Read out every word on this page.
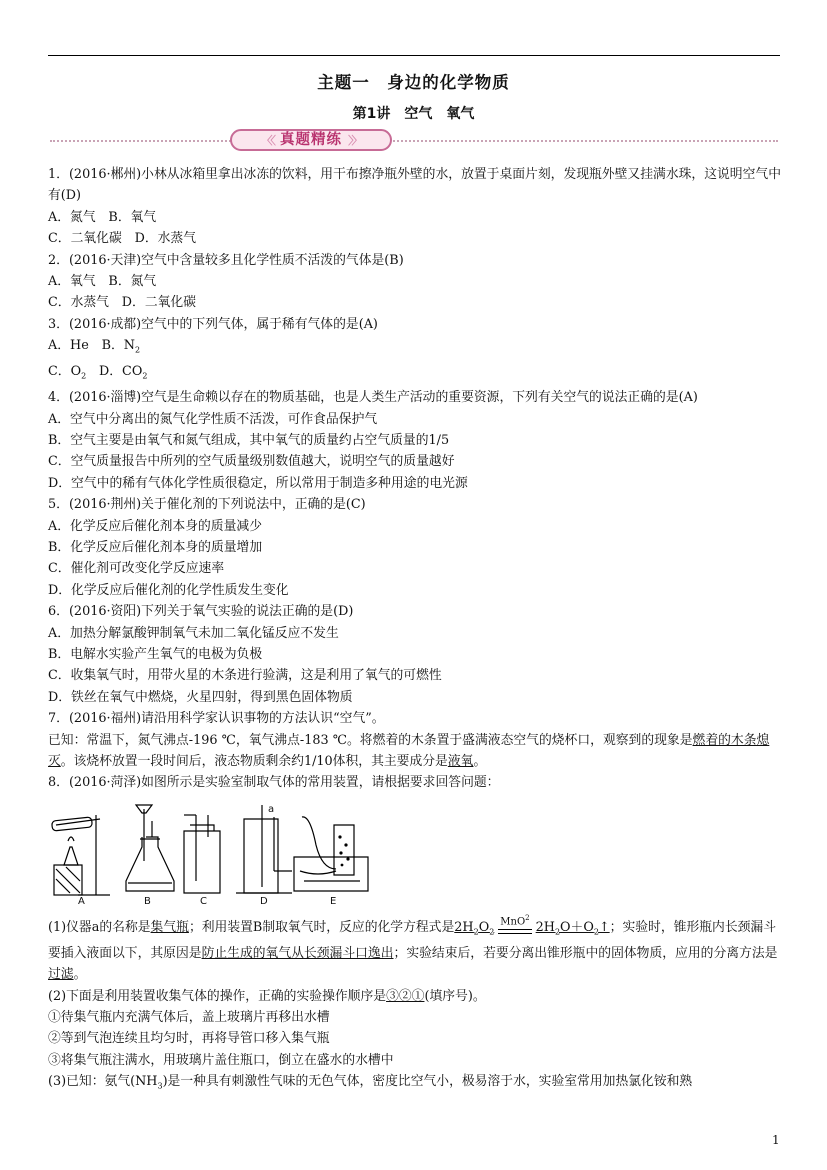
主题一　身边的化学物质
第1讲　空气　氧气
〈〈 真题精练 〉〉

1．(2016·郴州)小林从冰箱里拿出冰冻的饮料，用干布擦净瓶外壁的水，放置于桌面片刻，发现瓶外壁又挂满水珠，这说明空气中有(D)

A．氮气　B．氧气

C．二氧化碳　D．水蒸气

2．(2016·天津)空气中含量较多且化学性质不活泼的气体是(B)

A．氧气　B．氮气

C．水蒸气　D．二氧化碳

3．(2016·成都)空气中的下列气体，属于稀有气体的是(A)

A．He　B．$N_2$

C．$O_2$　D．$CO_2$

4．(2016·淄博)空气是生命赖以存在的物质基础，也是人类生产活动的重要资源，下列有关空气的说法正确的是(A)

A．空气中分离出的氮气化学性质不活泼，可作食品保护气

B．空气主要是由氧气和氮气组成，其中氧气的质量约占空气质量的1/5

C．空气质量报告中所列的空气质量级别数值越大，说明空气的质量越好

D．空气中的稀有气体化学性质很稳定，所以常用于制造多种用途的电光源

5．(2016·荆州)关于催化剂的下列说法中，正确的是(C)

A．化学反应后催化剂本身的质量减少

B．化学反应后催化剂本身的质量增加

C．催化剂可改变化学反应速率

D．化学反应后催化剂的化学性质发生变化

6．(2016·资阳)下列关于氧气实验的说法正确的是(D)

A．加热分解氯酸钾制氧气未加二氧化锰反应不发生

B．电解水实验产生氧气的电极为负极

C．收集氧气时，用带火星的木条进行验满，这是利用了氧气的可燃性

D．铁丝在氧气中燃烧，火星四射，得到黑色固体物质

7．(2016·福州)请沿用科学家认识事物的方法认识“空气”。

已知：常温下，氮气沸点-196 ℃，氧气沸点-183 ℃。将燃着的木条置于盛满液态空气的烧杯口，观察到的现象是燃着的木条熄灭。该烧杯放置一段时间后，液态物质剩余约1/10体积，其主要成分是液氧。

8．(2016·菏泽)如图所示是实验室制取气体的常用装置，请根据要求回答问题：

A	B	C	D	E
a

(1)仪器a的名称是集气瓶；利用装置B制取氧气时，反应的化学方程式是$2H_2O_2$
MnO$^2$
$2H_2O+O_2↑$；实验时，锥形瓶内长颈漏斗要插入液面以下，其原因是防止生成的氧气从长颈漏斗口逸出；实验结束后，若要分离出锥形瓶中的固体物质，应用的分离方法是过滤。

(2)下面是利用装置收集气体的操作，正确的实验操作顺序是③②①(填序号)。

①待集气瓶内充满气体后，盖上玻璃片再移出水槽

②等到气泡连续且均匀时，再将导管口移入集气瓶

③将集气瓶注满水，用玻璃片盖住瓶口，倒立在盛水的水槽中

(3)已知：氨气$(NH_3)$是一种具有刺激性气味的无色气体，密度比空气小，极易溶于水，实验室常用加热氯化铵和熟

1
